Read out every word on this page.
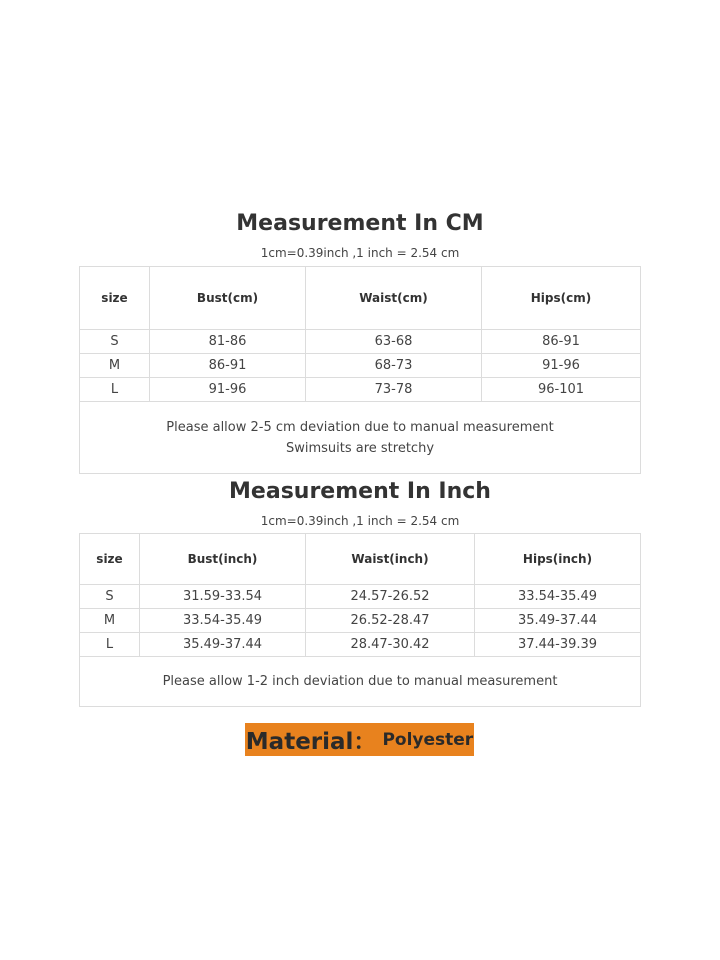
Measurement In CM
1cm=0.39inch ,1 inch = 2.54 cm
size	Bust(cm)	Waist(cm)	Hips(cm)
S	81-86	63-68	86-91
M	86-91	68-73	91-96
L	91-96	73-78	96-101

Please allow 2-5 cm deviation due to manual measurement
Swimsuits are stretchy			
Measurement In Inch
1cm=0.39inch ,1 inch = 2.54 cm
size	Bust(inch)	Waist(inch)	Hips(inch)
S	31.59-33.54	24.57-26.52	33.54-35.49
M	33.54-35.49	26.52-28.47	35.49-37.44
L	35.49-37.44	28.47-30.42	37.44-39.39

Please allow 1-2 inch deviation due to manual measurement			
Material： Polyester
